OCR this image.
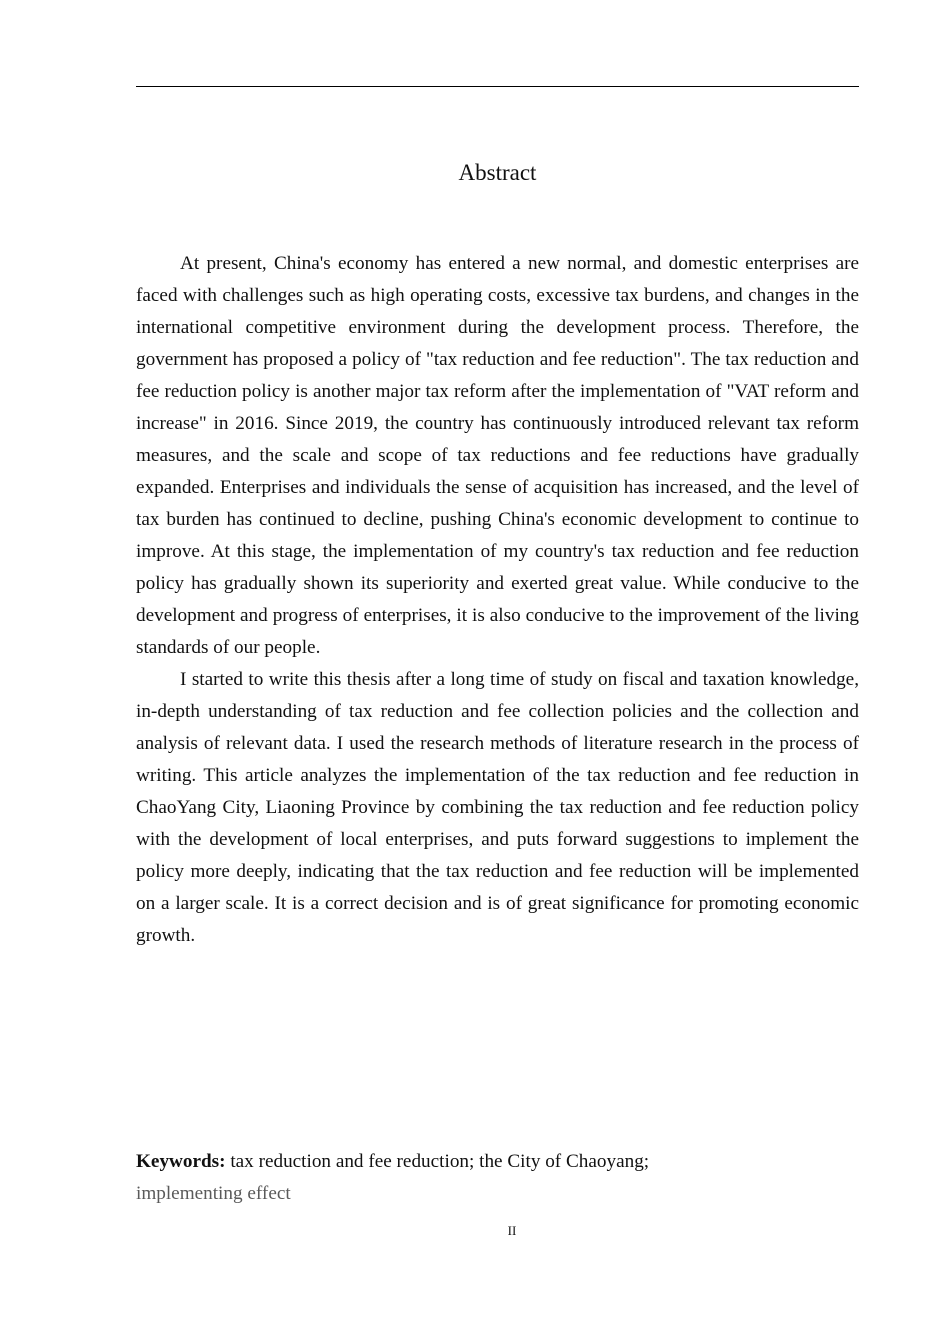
Abstract

At present, China's economy has entered a new normal, and domestic enterprises are faced with challenges such as high operating costs, excessive tax burdens, and changes in the international competitive environment during the development process. Therefore, the government has proposed a policy of "tax reduction and fee reduction". The tax reduction and fee reduction policy is another major tax reform after the implementation of "VAT reform and increase" in 2016. Since 2019, the country has continuously introduced relevant tax reform measures, and the scale and scope of tax reductions and fee reductions have gradually expanded. Enterprises and individuals the sense of acquisition has increased, and the level of tax burden has continued to decline, pushing China's economic development to continue to improve. At this stage, the implementation of my country's tax reduction and fee reduction policy has gradually shown its superiority and exerted great value. While conducive to the development and progress of enterprises, it is also conducive to the improvement of the living standards of our people.

I started to write this thesis after a long time of study on fiscal and taxation knowledge, in-depth understanding of tax reduction and fee collection policies and the collection and analysis of relevant data. I used the research methods of literature research in the process of writing. This article analyzes the implementation of the tax reduction and fee reduction in ChaoYang City, Liaoning Province by combining the tax reduction and fee reduction policy with the development of local enterprises, and puts forward suggestions to implement the policy more deeply, indicating that the tax reduction and fee reduction will be implemented on a larger scale. It is a correct decision and is of great significance for promoting economic growth.

Keywords: tax reduction and fee reduction; the City of Chaoyang;
implementing effect
II
